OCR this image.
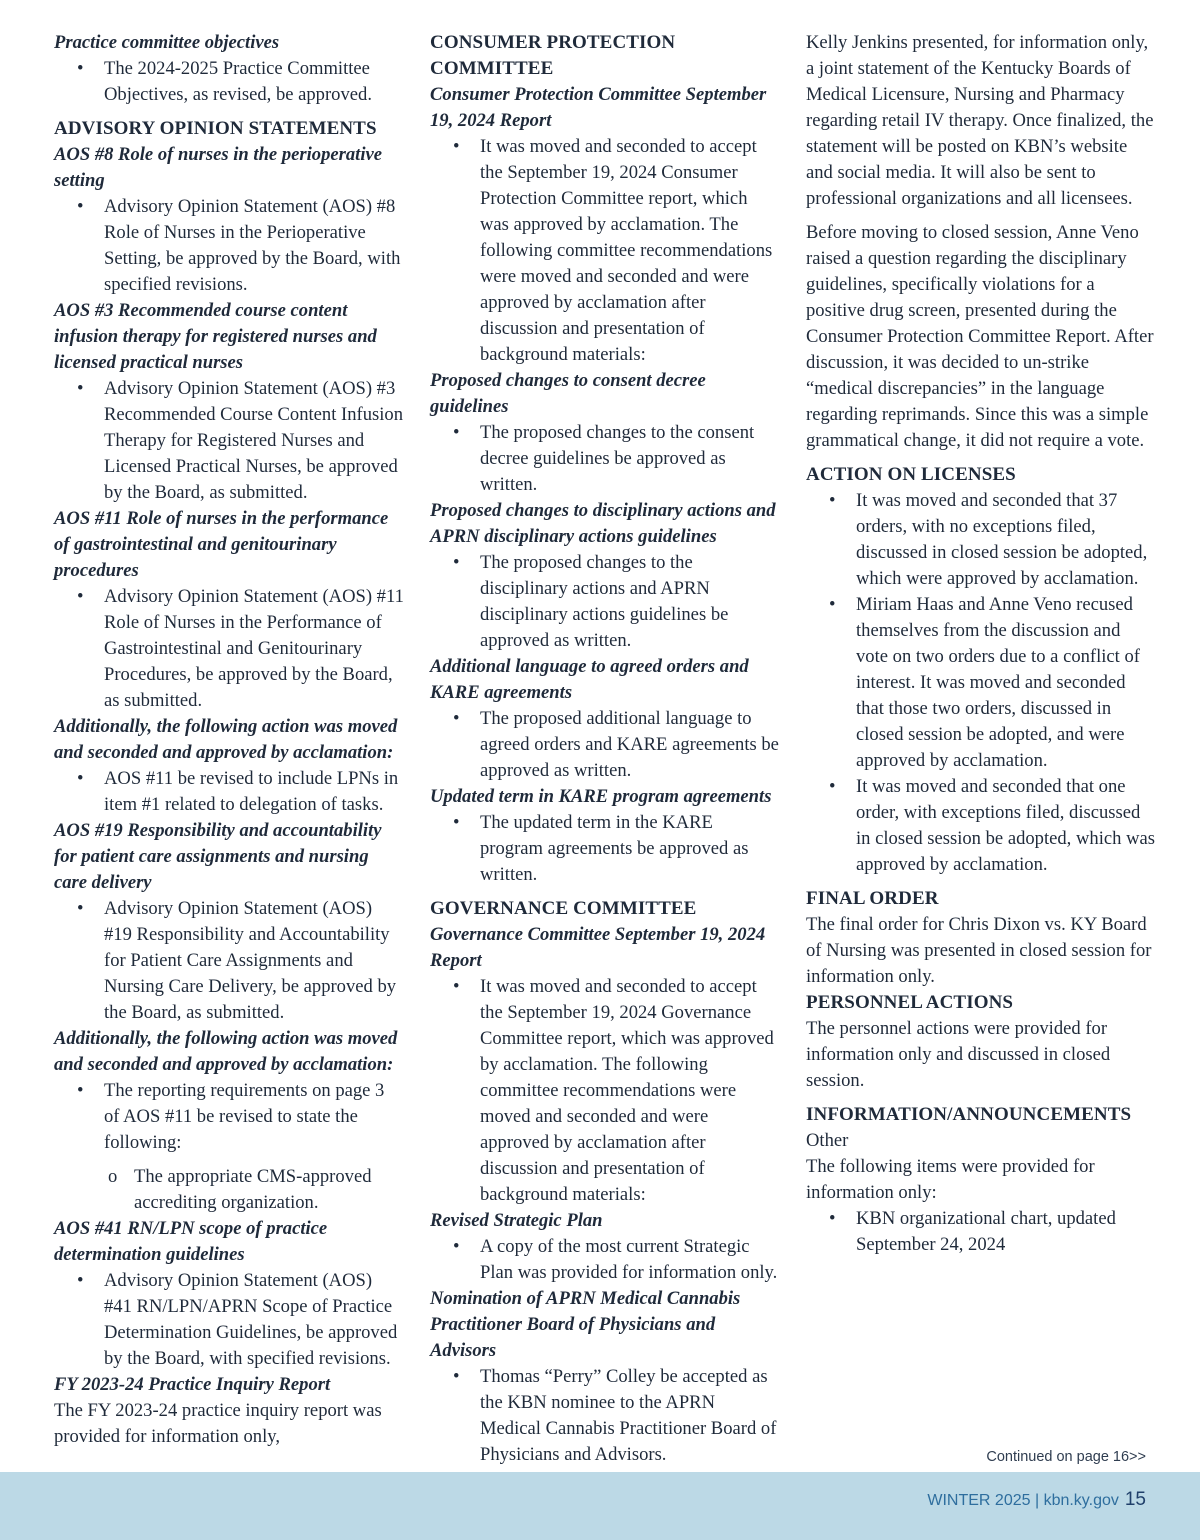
Practice committee objectives
• The 2024-2025 Practice Committee Objectives, as revised, be approved.
ADVISORY OPINION STATEMENTS
AOS #8 Role of nurses in the perioperative setting
• Advisory Opinion Statement (AOS) #8 Role of Nurses in the Perioperative Setting, be approved by the Board, with specified revisions.
AOS #3 Recommended course content infusion therapy for registered nurses and licensed practical nurses
• Advisory Opinion Statement (AOS) #3 Recommended Course Content Infusion Therapy for Registered Nurses and Licensed Practical Nurses, be approved by the Board, as submitted.
AOS #11 Role of nurses in the performance of gastrointestinal and genitourinary procedures
• Advisory Opinion Statement (AOS) #11 Role of Nurses in the Performance of Gastrointestinal and Genitourinary Procedures, be approved by the Board, as submitted.
Additionally, the following action was moved and seconded and approved by acclamation:
• AOS #11 be revised to include LPNs in item #1 related to delegation of tasks.
AOS #19 Responsibility and accountability for patient care assignments and nursing care delivery
• Advisory Opinion Statement (AOS) #19 Responsibility and Accountability for Patient Care Assignments and Nursing Care Delivery, be approved by the Board, as submitted.
Additionally, the following action was moved and seconded and approved by acclamation:
• The reporting requirements on page 3 of AOS #11 be revised to state the following:
o The appropriate CMS-approved accrediting organization.
AOS #41 RN/LPN scope of practice determination guidelines
• Advisory Opinion Statement (AOS) #41 RN/LPN/APRN Scope of Practice Determination Guidelines, be approved by the Board, with specified revisions.
FY 2023-24 Practice Inquiry Report
The FY 2023-24 practice inquiry report was provided for information only,
CONSUMER PROTECTION COMMITTEE
Consumer Protection Committee September 19, 2024 Report
• It was moved and seconded to accept the September 19, 2024 Consumer Protection Committee report, which was approved by acclamation. The following committee recommendations were moved and seconded and were approved by acclamation after discussion and presentation of background materials:
Proposed changes to consent decree guidelines
• The proposed changes to the consent decree guidelines be approved as written.
Proposed changes to disciplinary actions and APRN disciplinary actions guidelines
• The proposed changes to the disciplinary actions and APRN disciplinary actions guidelines be approved as written.
Additional language to agreed orders and KARE agreements
• The proposed additional language to agreed orders and KARE agreements be approved as written.
Updated term in KARE program agreements
• The updated term in the KARE program agreements be approved as written.
GOVERNANCE COMMITTEE
Governance Committee September 19, 2024 Report
• It was moved and seconded to accept the September 19, 2024 Governance Committee report, which was approved by acclamation. The following committee recommendations were moved and seconded and were approved by acclamation after discussion and presentation of background materials:
Revised Strategic Plan
• A copy of the most current Strategic Plan was provided for information only.
Nomination of APRN Medical Cannabis Practitioner Board of Physicians and Advisors
• Thomas “Perry” Colley be accepted as the KBN nominee to the APRN Medical Cannabis Practitioner Board of Physicians and Advisors.
Kelly Jenkins presented, for information only, a joint statement of the Kentucky Boards of Medical Licensure, Nursing and Pharmacy regarding retail IV therapy. Once finalized, the statement will be posted on KBN’s website and social media. It will also be sent to professional organizations and all licensees.
Before moving to closed session, Anne Veno raised a question regarding the disciplinary guidelines, specifically violations for a positive drug screen, presented during the Consumer Protection Committee Report. After discussion, it was decided to un-strike “medical discrepancies” in the language regarding reprimands. Since this was a simple grammatical change, it did not require a vote.
ACTION ON LICENSES
• It was moved and seconded that 37 orders, with no exceptions filed, discussed in closed session be adopted, which were approved by acclamation.
• Miriam Haas and Anne Veno recused themselves from the discussion and vote on two orders due to a conflict of interest. It was moved and seconded that those two orders, discussed in closed session be adopted, and were approved by acclamation.
• It was moved and seconded that one order, with exceptions filed, discussed in closed session be adopted, which was approved by acclamation.
FINAL ORDER
The final order for Chris Dixon vs. KY Board of Nursing was presented in closed session for information only.
PERSONNEL ACTIONS
The personnel actions were provided for information only and discussed in closed session.
INFORMATION/ANNOUNCEMENTS
Other
The following items were provided for information only:
• KBN organizational chart, updated September 24, 2024
Continued on page 16>>
WINTER 2025 | kbn.ky.gov 15
